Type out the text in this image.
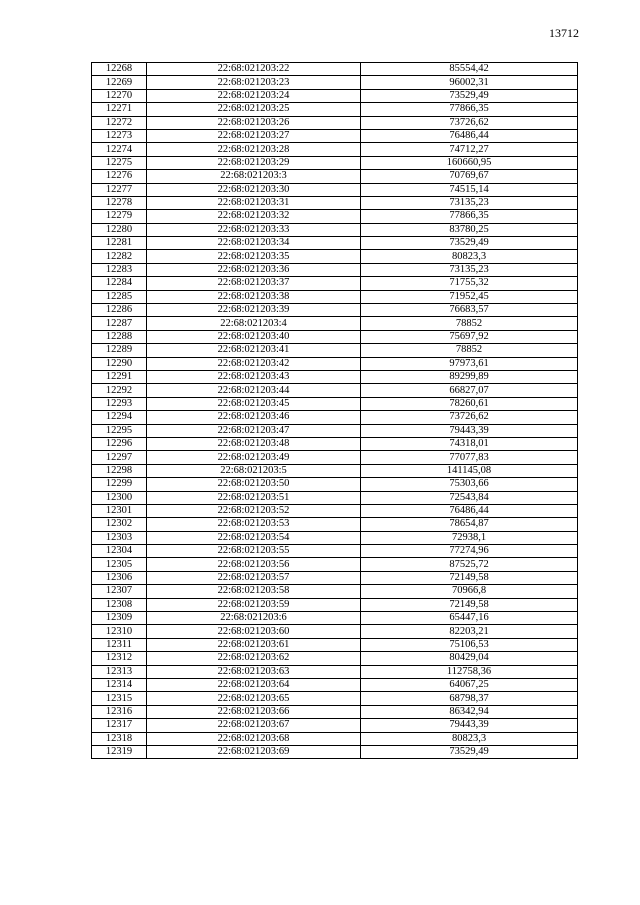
13712
12268	22:68:021203:22	85554,42
12269	22:68:021203:23	96002,31
12270	22:68:021203:24	73529,49
12271	22:68:021203:25	77866,35
12272	22:68:021203:26	73726,62
12273	22:68:021203:27	76486,44
12274	22:68:021203:28	74712,27
12275	22:68:021203:29	160660,95
12276	22:68:021203:3	70769,67
12277	22:68:021203:30	74515,14
12278	22:68:021203:31	73135,23
12279	22:68:021203:32	77866,35
12280	22:68:021203:33	83780,25
12281	22:68:021203:34	73529,49
12282	22:68:021203:35	80823,3
12283	22:68:021203:36	73135,23
12284	22:68:021203:37	71755,32
12285	22:68:021203:38	71952,45
12286	22:68:021203:39	76683,57
12287	22:68:021203:4	78852
12288	22:68:021203:40	75697,92
12289	22:68:021203:41	78852
12290	22:68:021203:42	97973,61
12291	22:68:021203:43	89299,89
12292	22:68:021203:44	66827,07
12293	22:68:021203:45	78260,61
12294	22:68:021203:46	73726,62
12295	22:68:021203:47	79443,39
12296	22:68:021203:48	74318,01
12297	22:68:021203:49	77077,83
12298	22:68:021203:5	141145,08
12299	22:68:021203:50	75303,66
12300	22:68:021203:51	72543,84
12301	22:68:021203:52	76486,44
12302	22:68:021203:53	78654,87
12303	22:68:021203:54	72938,1
12304	22:68:021203:55	77274,96
12305	22:68:021203:56	87525,72
12306	22:68:021203:57	72149,58
12307	22:68:021203:58	70966,8
12308	22:68:021203:59	72149,58
12309	22:68:021203:6	65447,16
12310	22:68:021203:60	82203,21
12311	22:68:021203:61	75106,53
12312	22:68:021203:62	80429,04
12313	22:68:021203:63	112758,36
12314	22:68:021203:64	64067,25
12315	22:68:021203:65	68798,37
12316	22:68:021203:66	86342,94
12317	22:68:021203:67	79443,39
12318	22:68:021203:68	80823,3
12319	22:68:021203:69	73529,49
